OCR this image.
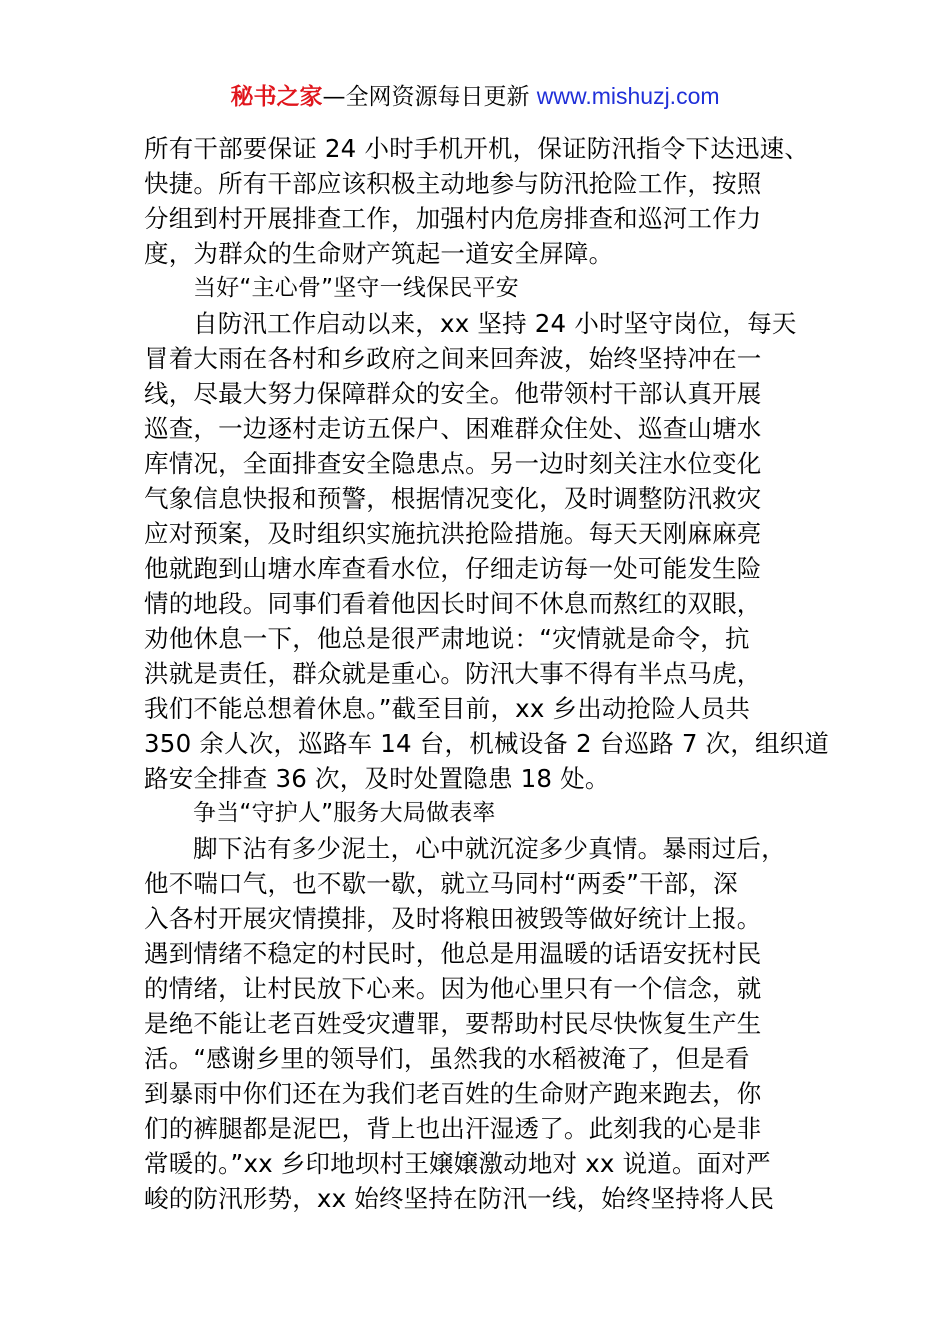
秘书之家—全网资源每日更新 www.mishuzj.com
所有干部要保证 24 小时手机开机，保证防汛指令下达迅速、
快捷。所有干部应该积极主动地参与防汛抢险工作，按照
分组到村开展排查工作，加强村内危房排查和巡河工作力
度，为群众的生命财产筑起一道安全屏障。
当好“主心骨”坚守一线保民平安
自防汛工作启动以来，xx 坚持 24 小时坚守岗位，每天
冒着大雨在各村和乡政府之间来回奔波，始终坚持冲在一
线，尽最大努力保障群众的安全。他带领村干部认真开展
巡查，一边逐村走访五保户、困难群众住处、巡查山塘水
库情况，全面排查安全隐患点。另一边时刻关注水位变化
气象信息快报和预警，根据情况变化，及时调整防汛救灾
应对预案，及时组织实施抗洪抢险措施。每天天刚麻麻亮
他就跑到山塘水库查看水位，仔细走访每一处可能发生险
情的地段。同事们看着他因长时间不休息而熬红的双眼，
劝他休息一下，他总是很严肃地说：“灾情就是命令，抗
洪就是责任，群众就是重心。防汛大事不得有半点马虎，
我们不能总想着休息。”截至目前，xx 乡出动抢险人员共
350 余人次，巡路车 14 台，机械设备 2 台巡路 7 次，组织道
路安全排查 36 次，及时处置隐患 18 处。
争当“守护人”服务大局做表率
脚下沾有多少泥土，心中就沉淀多少真情。暴雨过后，
他不喘口气，也不歇一歇，就立马同村“两委”干部，深
入各村开展灾情摸排，及时将粮田被毁等做好统计上报。
遇到情绪不稳定的村民时，他总是用温暖的话语安抚村民
的情绪，让村民放下心来。因为他心里只有一个信念，就
是绝不能让老百姓受灾遭罪，要帮助村民尽快恢复生产生
活。“感谢乡里的领导们，虽然我的水稻被淹了，但是看
到暴雨中你们还在为我们老百姓的生命财产跑来跑去，你
们的裤腿都是泥巴，背上也出汗湿透了。此刻我的心是非
常暖的。”xx 乡印地坝村王嬢嬢激动地对 xx 说道。面对严
峻的防汛形势，xx 始终坚持在防汛一线，始终坚持将人民
